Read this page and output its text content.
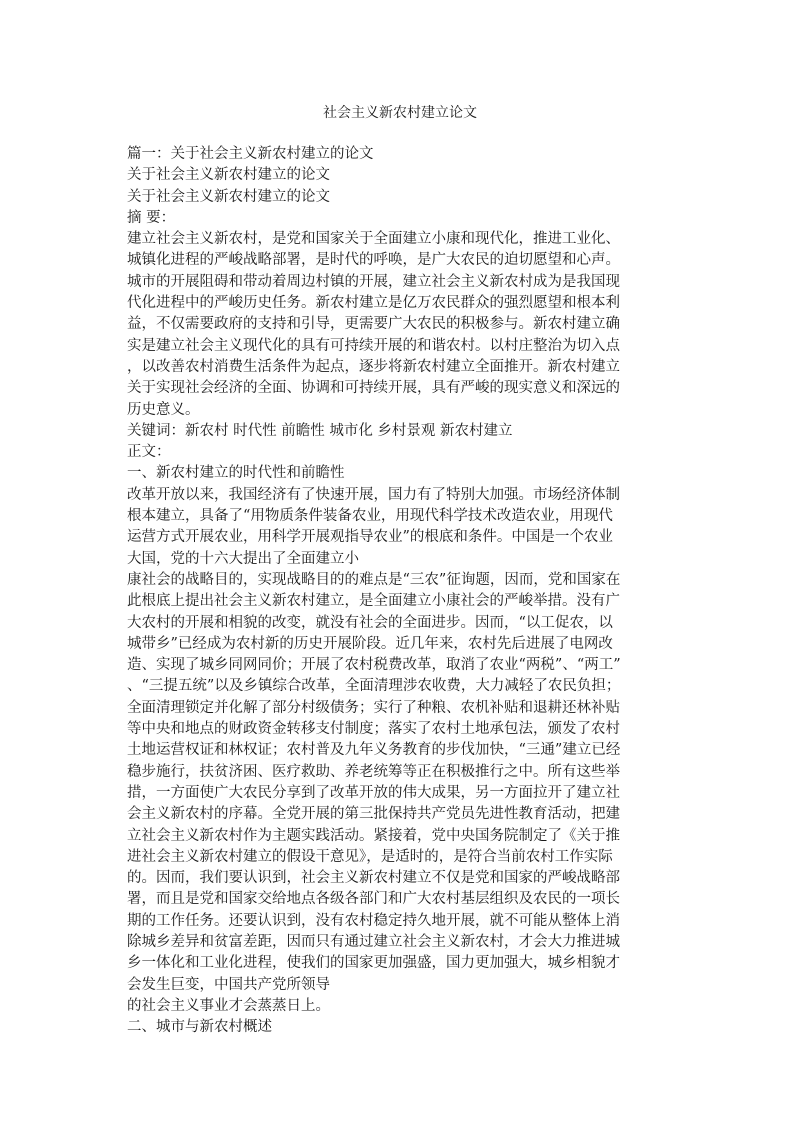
社会主义新农村建立论文
篇一：关于社会主义新农村建立的论文
关于社会主义新农村建立的论文
关于社会主义新农村建立的论文
摘 要：
建立社会主义新农村，是党和国家关于全面建立小康和现代化，推进工业化、
城镇化进程的严峻战略部署，是时代的呼唤，是广大农民的迫切愿望和心声。
城市的开展阻碍和带动着周边村镇的开展，建立社会主义新农村成为是我国现
代化进程中的严峻历史任务。新农村建立是亿万农民群众的强烈愿望和根本利
益，不仅需要政府的支持和引导，更需要广大农民的积极参与。新农村建立确
实是建立社会主义现代化的具有可持续开展的和谐农村。以村庄整治为切入点
，以改善农村消费生活条件为起点，逐步将新农村建立全面推开。新农村建立
关于实现社会经济的全面、协调和可持续开展，具有严峻的现实意义和深远的
历史意义。
关键词：新农村 时代性 前瞻性 城市化 乡村景观 新农村建立
正文：
一、新农村建立的时代性和前瞻性
改革开放以来，我国经济有了快速开展，国力有了特别大加强。市场经济体制
根本建立，具备了“用物质条件装备农业，用现代科学技术改造农业，用现代
运营方式开展农业，用科学开展观指导农业”的根底和条件。中国是一个农业
大国，党的十六大提出了全面建立小
康社会的战略目的，实现战略目的的难点是“三农”征询题，因而，党和国家在
此根底上提出社会主义新农村建立，是全面建立小康社会的严峻举措。没有广
大农村的开展和相貌的改变，就没有社会的全面进步。因而，“以工促农，以
城带乡”已经成为农村新的历史开展阶段。近几年来，农村先后进展了电网改
造、实现了城乡同网同价；开展了农村税费改革，取消了农业“两税”、“两工”
、“三提五统”以及乡镇综合改革，全面清理涉农收费，大力减轻了农民负担；
全面清理锁定并化解了部分村级债务；实行了种粮、农机补贴和退耕还林补贴
等中央和地点的财政资金转移支付制度；落实了农村土地承包法，颁发了农村
土地运营权证和林权证；农村普及九年义务教育的步伐加快，“三通”建立已经
稳步施行，扶贫济困、医疗救助、养老统筹等正在积极推行之中。所有这些举
措，一方面使广大农民分享到了改革开放的伟大成果，另一方面拉开了建立社
会主义新农村的序幕。全党开展的第三批保持共产党员先进性教育活动，把建
立社会主义新农村作为主题实践活动。紧接着，党中央国务院制定了《关于推
进社会主义新农村建立的假设干意见》，是适时的，是符合当前农村工作实际
的。因而，我们要认识到，社会主义新农村建立不仅是党和国家的严峻战略部
署，而且是党和国家交给地点各级各部门和广大农村基层组织及农民的一项长
期的工作任务。还要认识到，没有农村稳定持久地开展，就不可能从整体上消
除城乡差异和贫富差距，因而只有通过建立社会主义新农村，才会大力推进城
乡一体化和工业化进程，使我们的国家更加强盛，国力更加强大，城乡相貌才
会发生巨变，中国共产党所领导
的社会主义事业才会蒸蒸日上。
二、城市与新农村概述
